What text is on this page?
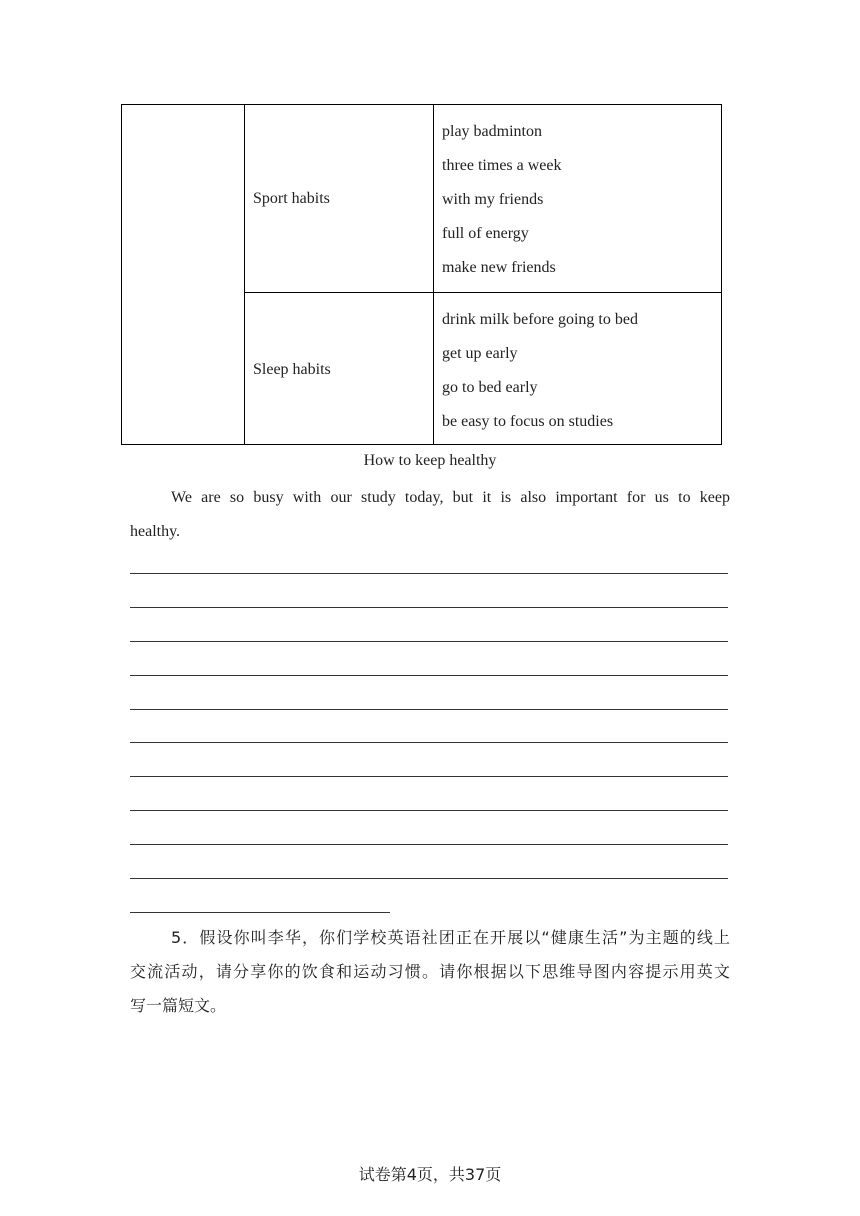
Sport habits
play badminton
three times a week
with my friends
full of energy
make new friends
Sleep habits
drink milk before going to bed
get up early
go to bed early
be easy to focus on studies
How to keep healthy
We are so busy with our study today, but it is also important for us to keep
healthy.
5．假设你叫李华，你们学校英语社团正在开展以“健康生活”为主题的线上
交流活动，请分享你的饮食和运动习惯。请你根据以下思维导图内容提示用英文
写一篇短文。
试卷第4页，共37页
